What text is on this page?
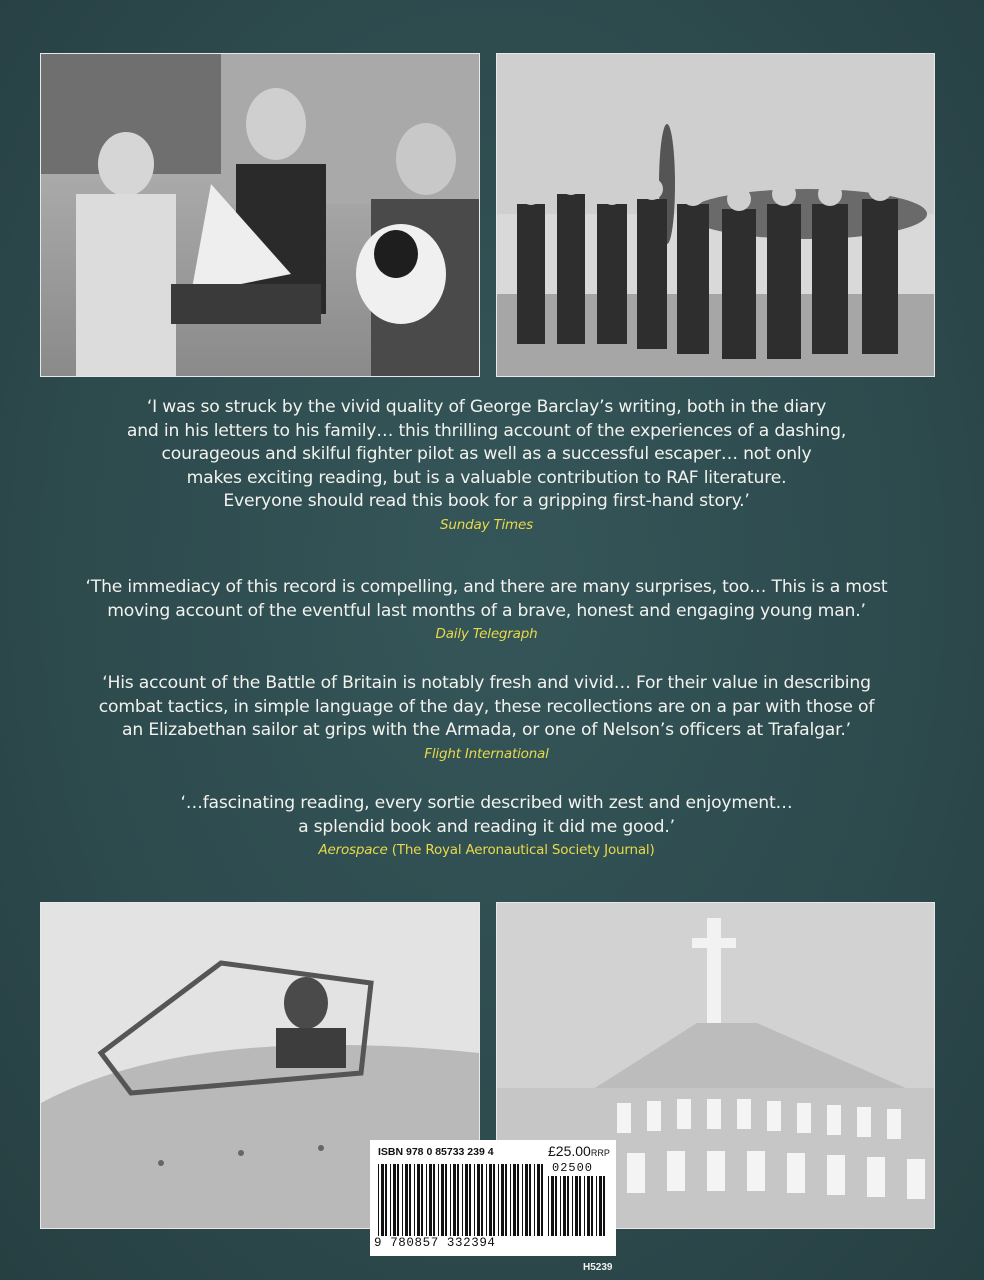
‘I was so struck by the vivid quality of George Barclay’s writing, both in the diary

and in his letters to his family… this thrilling account of the experiences of a dashing,

courageous and skilful fighter pilot as well as a successful escaper… not only

makes exciting reading, but is a valuable contribution to RAF literature.

Everyone should read this book for a gripping first-hand story.’

Sunday Times

‘The immediacy of this record is compelling, and there are many surprises, too… This is a most

moving account of the eventful last months of a brave, honest and engaging young man.’

Daily Telegraph

‘His account of the Battle of Britain is notably fresh and vivid… For their value in describing

combat tactics, in simple language of the day, these recollections are on a par with those of

an Elizabethan sailor at grips with the Armada, or one of Nelson’s officers at Trafalgar.’

Flight International

‘…fascinating reading, every sortie described with zest and enjoyment…

a splendid book and reading it did me good.’

Aerospace (The Royal Aeronautical Society Journal)

ISBN 978 0 85733 239 4	£25.00RRP
02500
9 780857 332394
H5239
